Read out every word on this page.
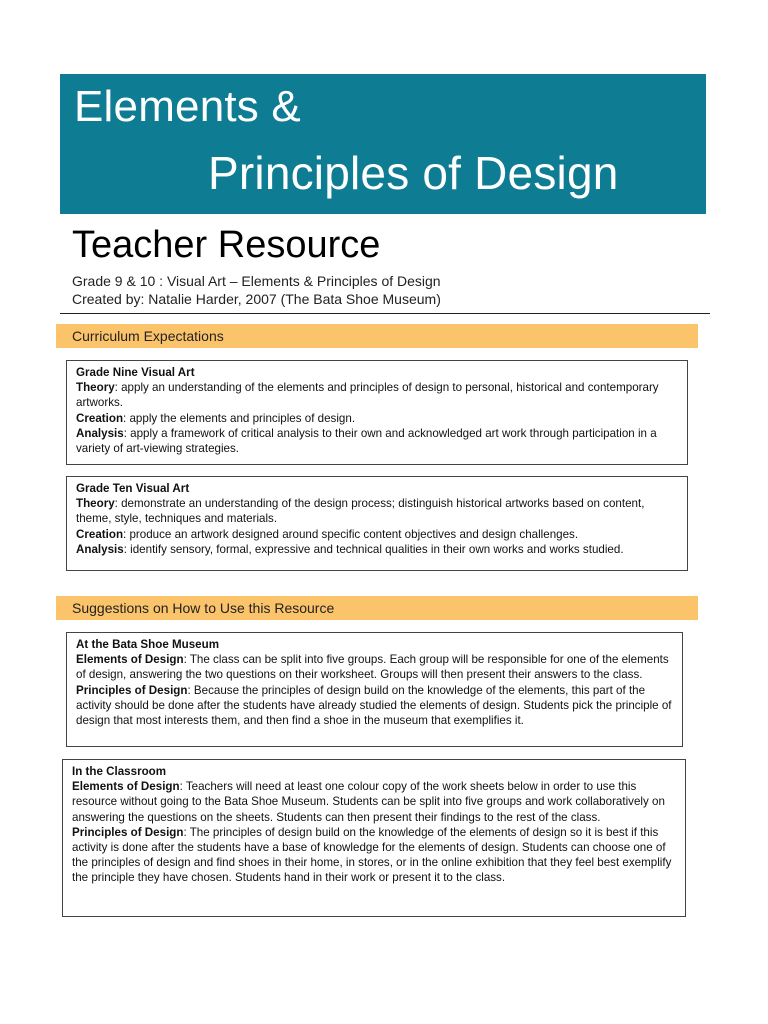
Elements &
Principles of Design
Teacher Resource
Grade 9 & 10 : Visual Art – Elements & Principles of Design
Created by: Natalie Harder, 2007 (The Bata Shoe Museum)
Curriculum Expectations
Grade Nine Visual Art
Theory: apply an understanding of the elements and principles of design to personal, historical and contemporary artworks.
Creation: apply the elements and principles of design.
Analysis: apply a framework of critical analysis to their own and acknowledged art work through participation in a variety of art-viewing strategies.
Grade Ten Visual Art
Theory: demonstrate an understanding of the design process; distinguish historical artworks based on content, theme, style, techniques and materials.
Creation: produce an artwork designed around specific content objectives and design challenges.
Analysis: identify sensory, formal, expressive and technical qualities in their own works and works studied.
Suggestions on How to Use this Resource
At the Bata Shoe Museum
Elements of Design: The class can be split into five groups. Each group will be responsible for one of the elements of design, answering the two questions on their worksheet. Groups will then present their answers to the class.
Principles of Design: Because the principles of design build on the knowledge of the elements, this part of the activity should be done after the students have already studied the elements of design. Students pick the principle of design that most interests them, and then find a shoe in the museum that exemplifies it.
In the Classroom
Elements of Design: Teachers will need at least one colour copy of the work sheets below in order to use this resource without going to the Bata Shoe Museum. Students can be split into five groups and work collaboratively on answering the questions on the sheets. Students can then present their findings to the rest of the class.
Principles of Design: The principles of design build on the knowledge of the elements of design so it is best if this activity is done after the students have a base of knowledge for the elements of design. Students can choose one of the principles of design and find shoes in their home, in stores, or in the online exhibition that they feel best exemplify the principle they have chosen. Students hand in their work or present it to the class.
